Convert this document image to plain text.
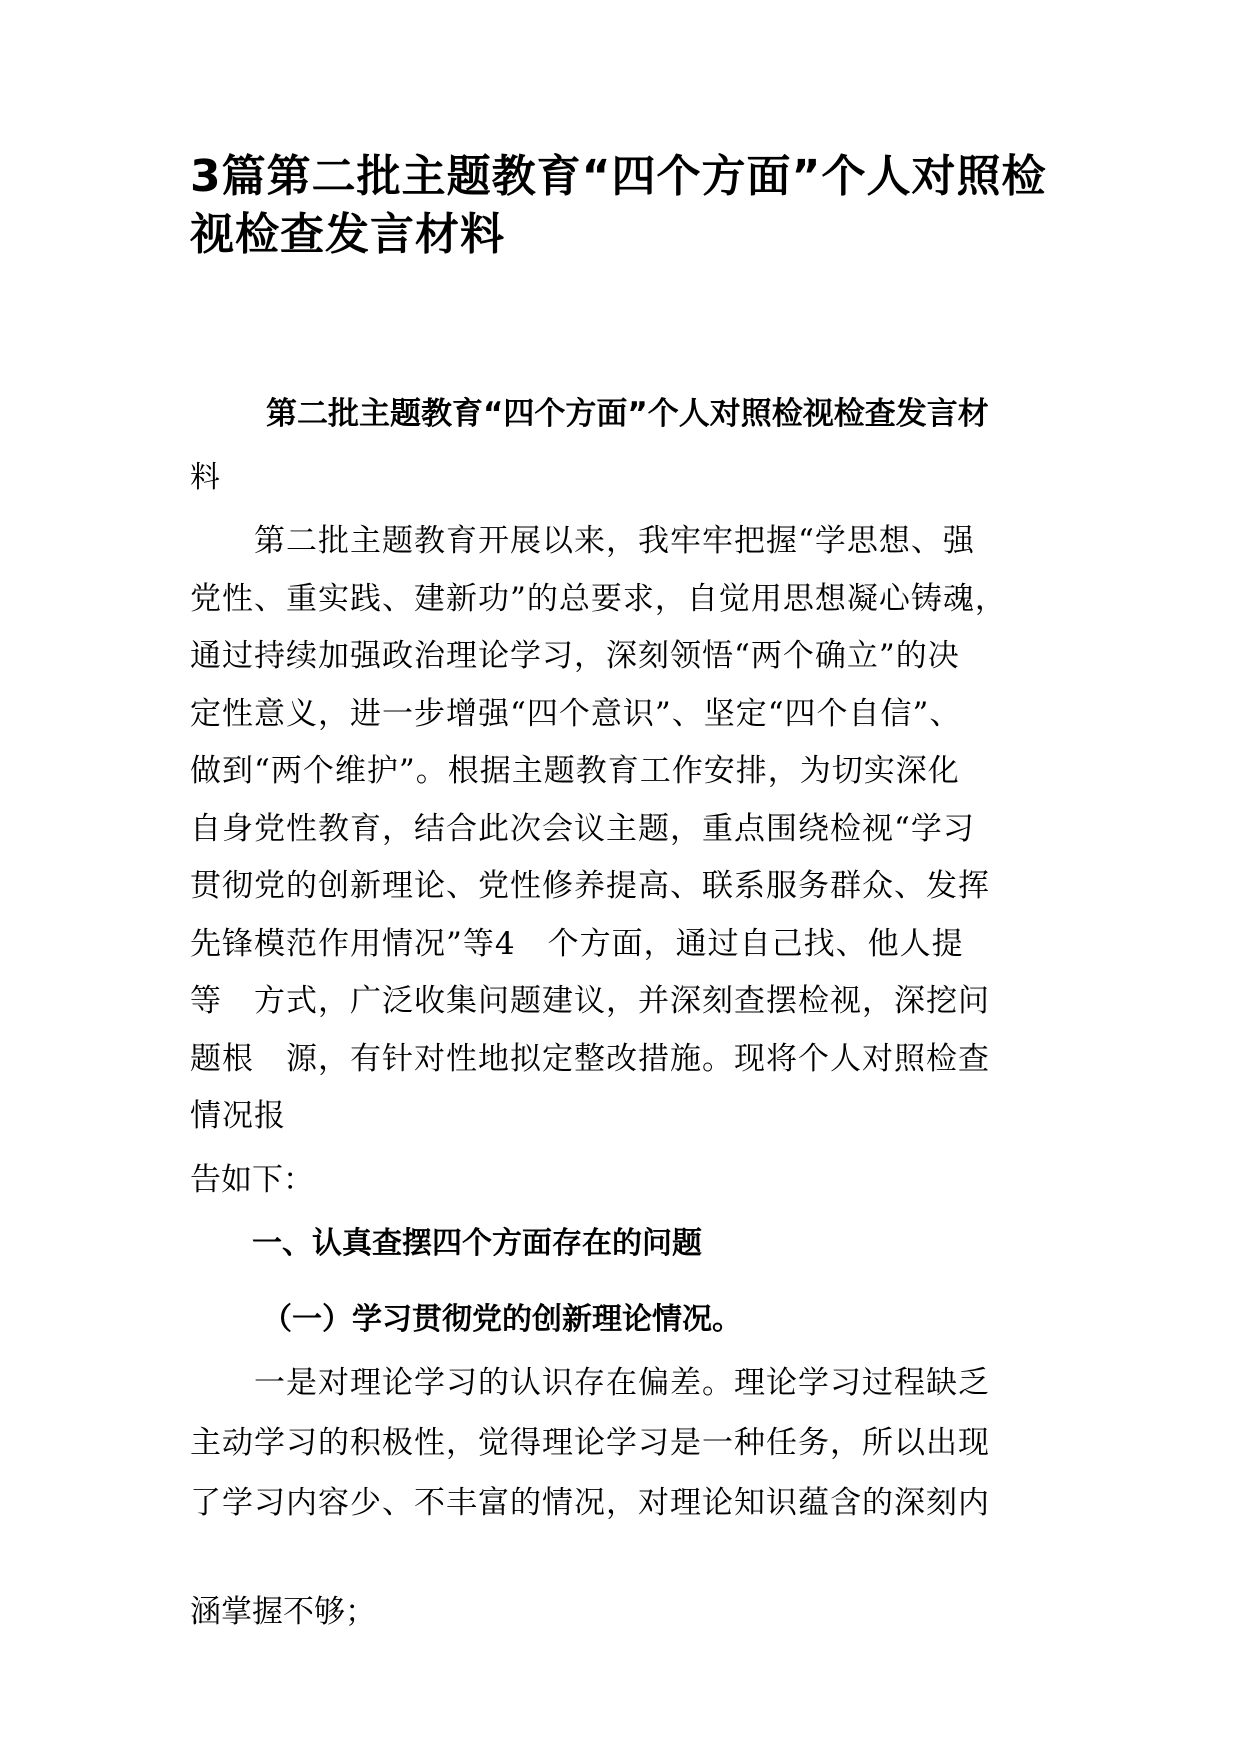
3篇第二批主题教育“四个方面”个人对照检视检查发言材料

第二批主题教育“四个方面”个人对照检视检查发言材

料

　　第二批主题教育开展以来，我牢牢把握“学思想、强
党性、重实践、建新功”的总要求，自觉用思想凝心铸魂，
通过持续加强政治理论学习，深刻领悟“两个确立”的决
定性意义，进一步增强“四个意识”、坚定“四个自信”、
做到“两个维护”。根据主题教育工作安排，为切实深化
自身党性教育，结合此次会议主题，重点围绕检视“学习
贯彻党的创新理论、党性修养提高、联系服务群众、发挥
先锋模范作用情况”等4　个方面，通过自己找、他人提
等　方式，广泛收集问题建议，并深刻查摆检视，深挖问
题根　源，有针对性地拟定整改措施。现将个人对照检查
情况报

告如下：

一、认真查摆四个方面存在的问题
（一）学习贯彻党的创新理论情况。
　　一是对理论学习的认识存在偏差。理论学习过程缺乏
主动学习的积极性，觉得理论学习是一种任务，所以出现
了学习内容少、不丰富的情况，对理论知识蕴含的深刻内

涵掌握不够；
